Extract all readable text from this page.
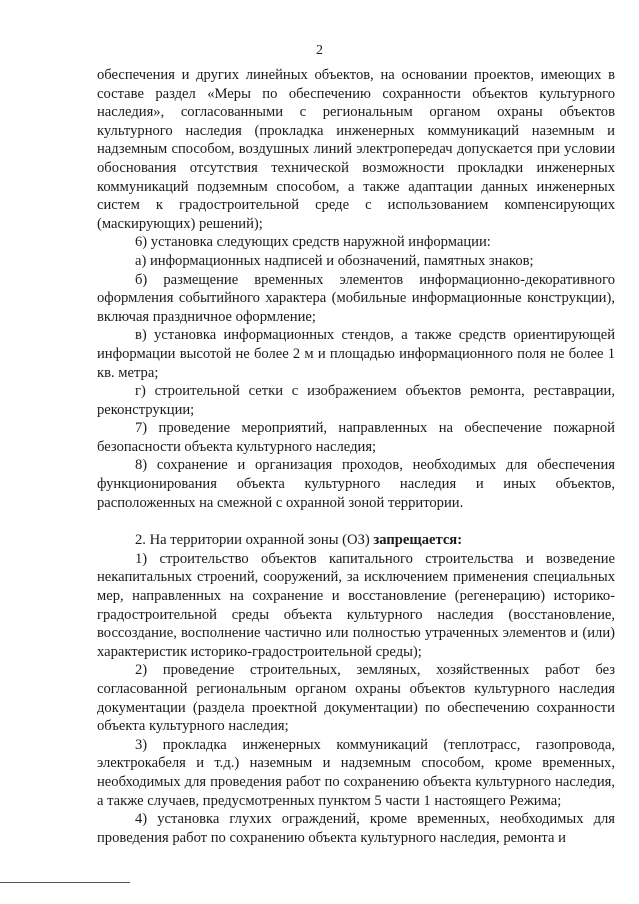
2

обеспечения и других линейных объектов, на основании проектов, имеющих в составе раздел «Меры по обеспечению сохранности объектов культурного наследия», согласованными с региональным органом охраны объектов культурного наследия (прокладка инженерных коммуникаций наземным и надземным способом, воздушных линий электропередач допускается при условии обоснования отсутствия технической возможности прокладки инженерных коммуникаций подземным способом, а также адаптации данных инженерных систем к градостроительной среде с использованием компенсирующих (маскирующих) решений);

6) установка следующих средств наружной информации:

а) информационных надписей и обозначений, памятных знаков;

б) размещение временных элементов информационно-декоративного оформления событийного характера (мобильные информационные конструкции), включая праздничное оформление;

в) установка информационных стендов, а также средств ориентирующей информации высотой не более 2 м и площадью информационного поля не более 1 кв. метра;

г) строительной сетки с изображением объектов ремонта, реставрации, реконструкции;

7) проведение мероприятий, направленных на обеспечение пожарной безопасности объекта культурного наследия;

8) сохранение и организация проходов, необходимых для обеспечения функционирования объекта культурного наследия и иных объектов, расположенных на смежной с охранной зоной территории.

2. На территории охранной зоны (ОЗ) запрещается:

1) строительство объектов капитального строительства и возведение некапитальных строений, сооружений, за исключением применения специальных мер, направленных на сохранение и восстановление (регенерацию) историко-градостроительной среды объекта культурного наследия (восстановление, воссоздание, восполнение частично или полностью утраченных элементов и (или) характеристик историко-градостроительной среды);

2) проведение строительных, земляных, хозяйственных работ без согласованной региональным органом охраны объектов культурного наследия документации (раздела проектной документации) по обеспечению сохранности объекта культурного наследия;

3) прокладка инженерных коммуникаций (теплотрасс, газопровода, электрокабеля и т.д.) наземным и надземным способом, кроме временных, необходимых для проведения работ по сохранению объекта культурного наследия, а также случаев, предусмотренных пунктом 5 части 1 настоящего Режима;

4) установка глухих ограждений, кроме временных, необходимых для проведения работ по сохранению объекта культурного наследия, ремонта и
